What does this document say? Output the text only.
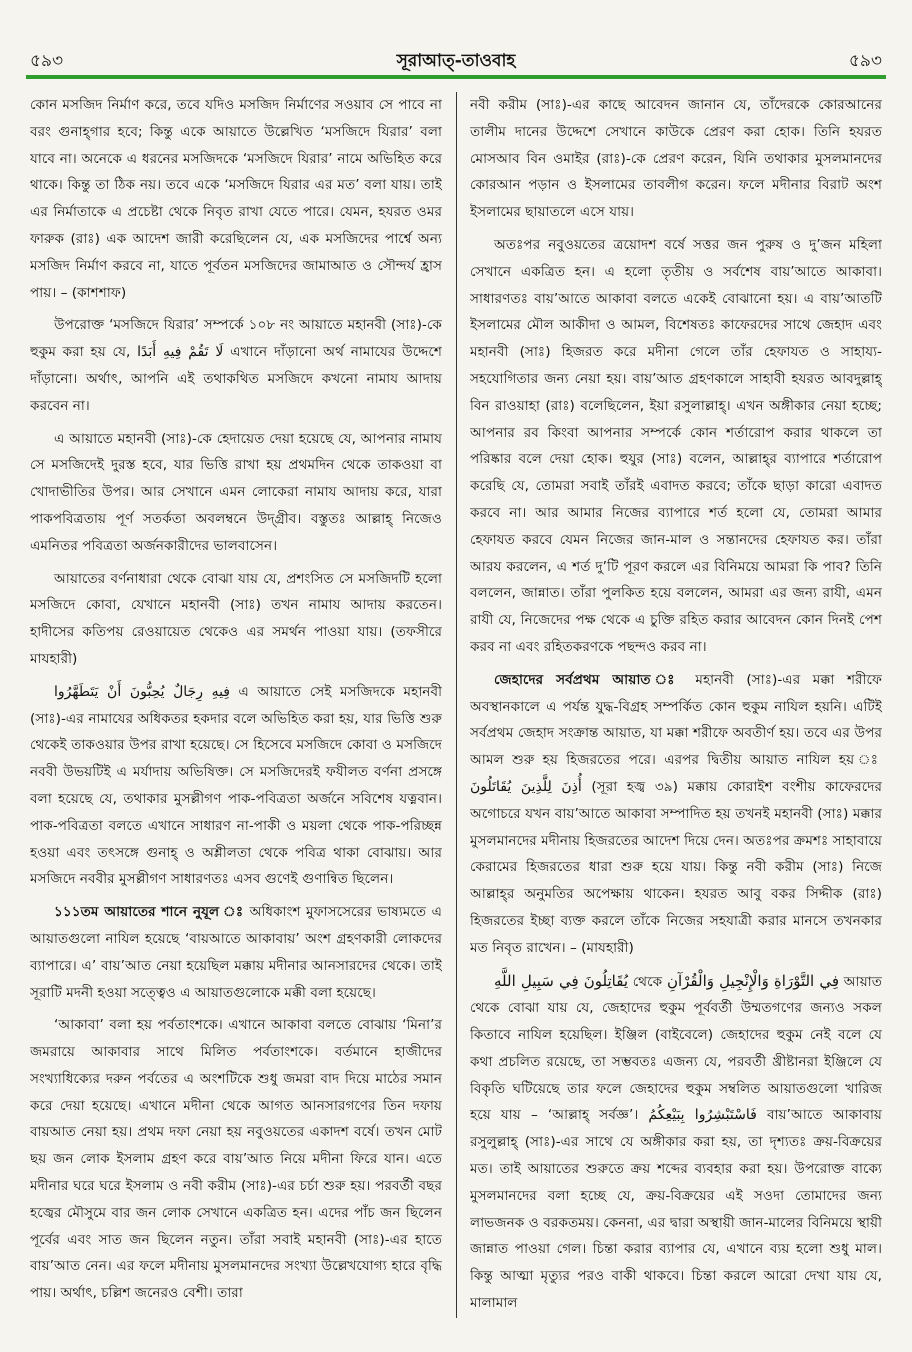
৫৯৩	সূরাআত্‌-তাওবাহ	৫৯৩

কোন মসজিদ নির্মাণ করে, তবে যদিও মসজিদ নির্মাণের সওয়াব সে পাবে না বরং গুনাহ্‌গার হবে; কিন্তু একে আয়াতে উল্লেখিত ‘মসজিদে যিরার’ বলা যাবে না। অনেকে এ ধরনের মসজিদকে ‘মসজিদে যিরার’ নামে অভিহিত করে থাকে। কিন্তু তা ঠিক নয়। তবে একে ‘মসজিদে যিরার এর মত’ বলা যায়। তাই এর নির্মাতাকে এ প্রচেষ্টা থেকে নিবৃত রাখা যেতে পারে। যেমন, হযরত ওমর ফারুক (রাঃ) এক আদেশ জারী করেছিলেন যে, এক মসজিদের পার্শ্বে অন্য মসজিদ নির্মাণ করবে না, যাতে পূর্বতন মসজিদের জামাআত ও সৌন্দর্য হ্রাস পায়। – (কাশশাফ)

উপরোক্ত ‘মসজিদে যিরার’ সম্পর্কে ১০৮ নং আয়াতে মহানবী (সাঃ)-কে হুকুম করা হয় যে, لَا تَقُمْ فِيهِ أَبَدًا এখানে দাঁড়ানো অর্থ নামাযের উদ্দেশে দাঁড়ানো। অর্থাৎ, আপনি এই তথাকথিত মসজিদে কখনো নামায আদায় করবেন না।

এ আয়াতে মহানবী (সাঃ)-কে হেদায়েত দেয়া হয়েছে যে, আপনার নামায সে মসজিদেই দুরস্ত হবে, যার ভিত্তি রাখা হয় প্রথমদিন থেকে তাকওয়া বা খোদাভীতির উপর। আর সেখানে এমন লোকেরা নামায আদায় করে, যারা পাকপবিত্রতায় পূর্ণ সতর্কতা অবলম্বনে উদ্‌গ্রীব। বস্তুতঃ আল্লাহ্‌ নিজেও এমনিতর পবিত্রতা অর্জনকারীদের ভালবাসেন।

আয়াতের বর্ণনাধারা থেকে বোঝা যায় যে, প্রশংসিত সে মসজিদটি হলো মসজিদে কোবা, যেখানে মহানবী (সাঃ) তখন নামায আদায় করতেন। হাদীসের কতিপয় রেওয়ায়েত থেকেও এর সমর্থন পাওয়া যায়। (তফসীরে মাযহারী)

فِيهِ رِجَالٌ يُحِبُّونَ أَنْ يَتَطَهَّرُوا এ আয়াতে সেই মসজিদকে মহানবী (সাঃ)-এর নামাযের অধিকতর হকদার বলে অভিহিত করা হয়, যার ভিত্তি শুরু থেকেই তাকওয়ার উপর রাখা হয়েছে। সে হিসেবে মসজিদে কোবা ও মসজিদে নববী উভয়টিই এ মর্যাদায় অভিষিক্ত। সে মসজিদেরই ফযীলত বর্ণনা প্রসঙ্গে বলা হয়েছে যে, তথাকার মুসল্লীগণ পাক-পবিত্রতা অর্জনে সবিশেষ যত্নবান। পাক-পবিত্রতা বলতে এখানে সাধারণ না-পাকী ও ময়লা থেকে পাক-পরিচ্ছন্ন হওয়া এবং তৎসঙ্গে গুনাহ্‌ ও অশ্লীলতা থেকে পবিত্র থাকা বোঝায়। আর মসজিদে নববীর মুসল্লীগণ সাধারণতঃ এসব গুণেই গুণান্বিত ছিলেন।

১১১তম আয়াতের শানে নুযূল ঃ অধিকাংশ মুফাসসেরের ভাষ্যমতে এ আয়াতগুলো নাযিল হয়েছে ‘বায়আতে আকাবায়’ অংশ গ্রহণকারী লোকদের ব্যাপারে। এ’ বায়’আত নেয়া হয়েছিল মক্কায় মদীনার আনসারদের থেকে। তাই সূরাটি মদনী হওয়া সত্ত্বেও এ আয়াতগুলোকে মক্কী বলা হয়েছে।

‘আকাবা’ বলা হয় পর্বতাংশকে। এখানে আকাবা বলতে বোঝায় ‘মিনা’র জমরায়ে আকাবার সাথে মিলিত পর্বতাংশকে। বর্তমানে হাজীদের সংখ্যাধিক্যের দরুন পর্বতের এ অংশটিকে শুধু জমরা বাদ দিয়ে মাঠের সমান করে দেয়া হয়েছে। এখানে মদীনা থেকে আগত আনসারগণের তিন দফায় বায়আত নেয়া হয়। প্রথম দফা নেয়া হয় নবুওয়তের একাদশ বর্ষে। তখন মোট ছয় জন লোক ইসলাম গ্রহণ করে বায়’আত নিয়ে মদীনা ফিরে যান। এতে মদীনার ঘরে ঘরে ইসলাম ও নবী করীম (সাঃ)-এর চর্চা শুরু হয়। পরবর্তী বছর হজ্বের মৌসুমে বার জন লোক সেখানে একত্রিত হন। এদের পাঁচ জন ছিলেন পূর্বের এবং সাত জন ছিলেন নতুন। তাঁরা সবাই মহানবী (সাঃ)-এর হাতে বায়’আত নেন। এর ফলে মদীনায় মুসলমানদের সংখ্যা উল্লেখযোগ্য হারে বৃদ্ধি পায়। অর্থাৎ, চল্লিশ জনেরও বেশী। তারা

নবী করীম (সাঃ)-এর কাছে আবেদন জানান যে, তাঁদেরকে কোরআনের তালীম দানের উদ্দেশে সেখানে কাউকে প্রেরণ করা হোক। তিনি হযরত মোসআব বিন ওমাইর (রাঃ)-কে প্রেরণ করেন, যিনি তথাকার মুসলমানদের কোরআন পড়ান ও ইসলামের তাবলীগ করেন। ফলে মদীনার বিরাট অংশ ইসলামের ছায়াতলে এসে যায়।

অতঃপর নবুওয়তের ত্রয়োদশ বর্ষে সত্তর জন পুরুষ ও দু’জন মহিলা সেখানে একত্রিত হন। এ হলো তৃতীয় ও সর্বশেষ বায়’আতে আকাবা। সাধারণতঃ বায়’আতে আকাবা বলতে একেই বোঝানো হয়। এ বায়’আতটি ইসলামের মৌল আকীদা ও আমল, বিশেষতঃ কাফেরদের সাথে জেহাদ এবং মহানবী (সাঃ) হিজরত করে মদীনা গেলে তাঁর হেফাযত ও সাহায্য-সহযোগিতার জন্য নেয়া হয়। বায়’আত গ্রহণকালে সাহাবী হযরত আবদুল্লাহ্‌ বিন রাওয়াহা (রাঃ) বলেছিলেন, ইয়া রসুলাল্লাহ্‌। এখন অঙ্গীকার নেয়া হচ্ছে; আপনার রব কিংবা আপনার সম্পর্কে কোন শর্তারোপ করার থাকলে তা পরিষ্কার বলে দেয়া হোক। হুযুর (সাঃ) বলেন, আল্লাহ্‌র ব্যাপারে শর্তারোপ করেছি যে, তোমরা সবাই তাঁরই এবাদত করবে; তাঁকে ছাড়া কারো এবাদত করবে না। আর আমার নিজের ব্যাপারে শর্ত হলো যে, তোমরা আমার হেফাযত করবে যেমন নিজের জান-মাল ও সন্তানদের হেফাযত কর। তাঁরা আরয করলেন, এ শর্ত দু’টি পূরণ করলে এর বিনিময়ে আমরা কি পাব? তিনি বললেন, জান্নাত। তাঁরা পুলকিত হয়ে বললেন, আমরা এর জন্য রাযী, এমন রাযী যে, নিজেদের পক্ষ থেকে এ চুক্তি রহিত করার আবেদন কোন দিনই পেশ করব না এবং রহিতকরণকে পছন্দও করব না।

জেহাদের সর্বপ্রথম আয়াত ঃ মহানবী (সাঃ)-এর মক্কা শরীফে অবস্থানকালে এ পর্যন্ত যুদ্ধ-বিগ্রহ সম্পর্কিত কোন হুকুম নাযিল হয়নি। এটিই সর্বপ্রথম জেহাদ সংক্রান্ত আয়াত, যা মক্কা শরীফে অবতীর্ণ হয়। তবে এর উপর আমল শুরু হয় হিজরতের পরে। এরপর দ্বিতীয় আয়াত নাযিল হয় ঃ أُذِنَ لِلَّذِينَ يُقَاتَلُونَ (সূরা হজ্ব ৩৯) মক্কায় কোরাইশ বংশীয় কাফেরদের অগোচরে যখন বায়’আতে আকাবা সম্পাদিত হয় তখনই মহানবী (সাঃ) মক্কার মুসলমানদের মদীনায় হিজরতের আদেশ দিয়ে দেন। অতঃপর ক্রমশঃ সাহাবায়ে কেরামের হিজরতের ধারা শুরু হয়ে যায়। কিন্তু নবী করীম (সাঃ) নিজে আল্লাহ্‌র অনুমতির অপেক্ষায় থাকেন। হযরত আবু বকর সিদ্দীক (রাঃ) হিজরতের ইচ্ছা ব্যক্ত করলে তাঁকে নিজের সহযাত্রী করার মানসে তখনকার মত নিবৃত রাখেন। – (মাযহারী)

يُقَاتِلُونَ فِي سَبِيلِ اللَّهِ থেকে فِي التَّوْرَاةِ وَالْإِنْجِيلِ وَالْقُرْآنِ আয়াত থেকে বোঝা যায় যে, জেহাদের হুকুম পূর্ববর্তী উম্মতগণের জন্যও সকল কিতাবে নাযিল হয়েছিল। ইঞ্জিল (বাইবেলে) জেহাদের হুকুম নেই বলে যে কথা প্রচলিত রয়েছে, তা সম্ভবতঃ এজন্য যে, পরবর্তী খ্রীষ্টানরা ইঞ্জিলে যে বিকৃতি ঘটিয়েছে তার ফলে জেহাদের হুকুম সম্বলিত আয়াতগুলো খারিজ হয়ে যায় – ‘আল্লাহ্‌ সর্বজ্ঞ’। فَاسْتَبْشِرُوا بِبَيْعِكُمُ বায়’আতে আকাবায় রসুলুল্লাহ্‌ (সাঃ)-এর সাথে যে অঙ্গীকার করা হয়, তা দৃশ্যতঃ ক্রয়-বিক্রয়ের মত। তাই আয়াতের শুরুতে ক্রয় শব্দের ব্যবহার করা হয়। উপরোক্ত বাক্যে মুসলমানদের বলা হচ্ছে যে, ক্রয়-বিক্রয়ের এই সওদা তোমাদের জন্য লাভজনক ও বরকতময়। কেননা, এর দ্বারা অস্থায়ী জান-মালের বিনিময়ে স্থায়ী জান্নাত পাওয়া গেল। চিন্তা করার ব্যাপার যে, এখানে ব্যয় হলো শুধু মাল। কিন্তু আত্মা মৃত্যুর পরও বাকী থাকবে। চিন্তা করলে আরো দেখা যায় যে, মালামাল
